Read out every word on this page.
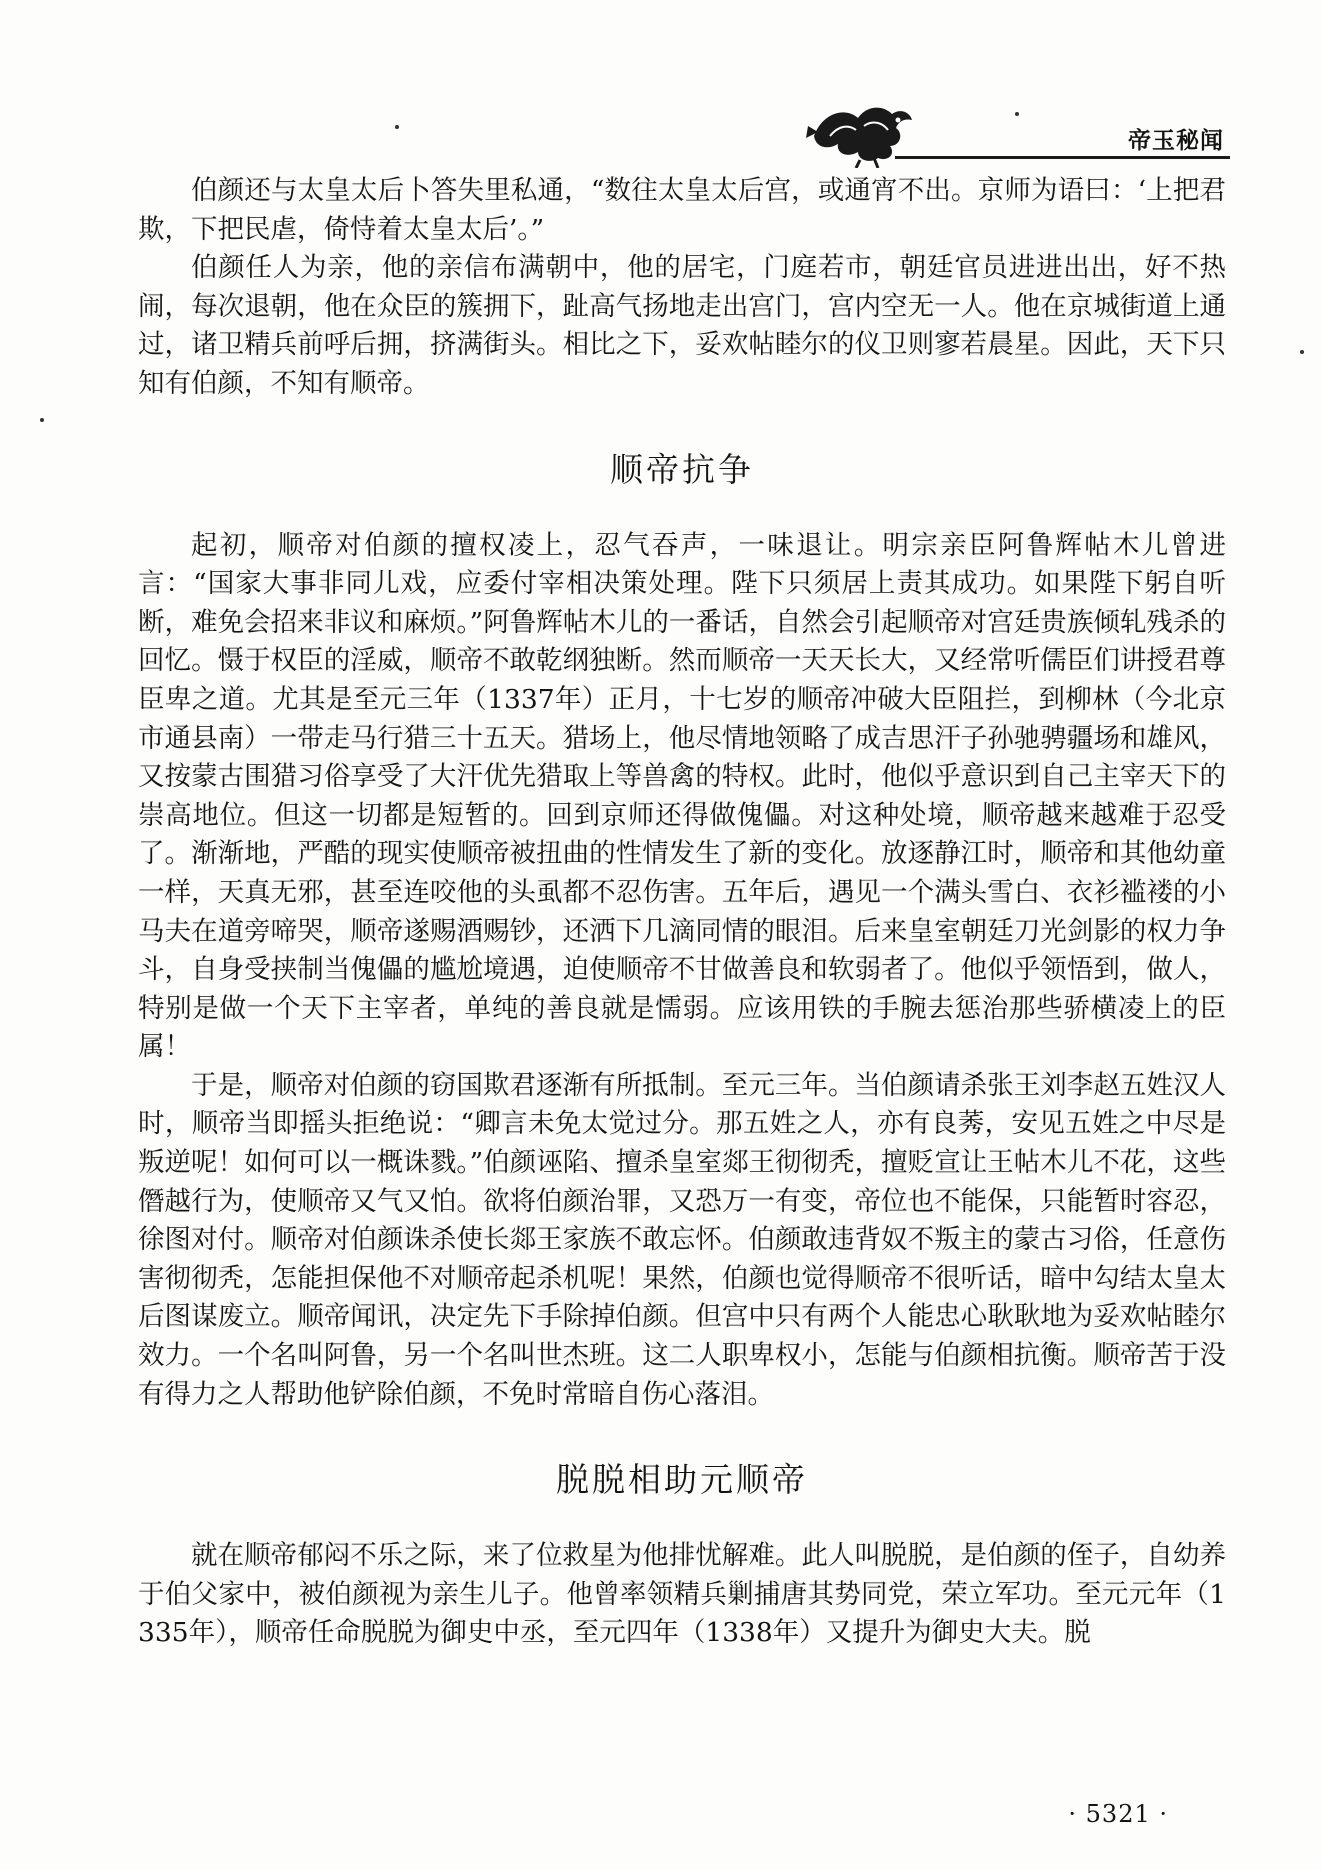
帝玉秘闻

伯颜还与太皇太后卜答失里私通，“数往太皇太后宫，或通宵不出。京师为语曰：‘上把君欺，下把民虐，倚恃着太皇太后’。”

伯颜任人为亲，他的亲信布满朝中，他的居宅，门庭若市，朝廷官员进进出出，好不热闹，每次退朝，他在众臣的簇拥下，趾高气扬地走出宫门，宫内空无一人。他在京城街道上通过，诸卫精兵前呼后拥，挤满街头。相比之下，妥欢帖睦尔的仪卫则寥若晨星。因此，天下只知有伯颜，不知有顺帝。

顺帝抗争

起初，顺帝对伯颜的擅权凌上，忍气吞声，一味退让。明宗亲臣阿鲁辉帖木儿曾进言：“国家大事非同儿戏，应委付宰相决策处理。陛下只须居上责其成功。如果陛下躬自听断，难免会招来非议和麻烦。”阿鲁辉帖木儿的一番话，自然会引起顺帝对宫廷贵族倾轧残杀的回忆。慑于权臣的淫威，顺帝不敢乾纲独断。然而顺帝一天天长大，又经常听儒臣们讲授君尊臣卑之道。尤其是至元三年（1337年）正月，十七岁的顺帝冲破大臣阻拦，到柳林（今北京市通县南）一带走马行猎三十五天。猎场上，他尽情地领略了成吉思汗子孙驰骋疆场和雄风，又按蒙古围猎习俗享受了大汗优先猎取上等兽禽的特权。此时，他似乎意识到自己主宰天下的崇高地位。但这一切都是短暂的。回到京师还得做傀儡。对这种处境，顺帝越来越难于忍受了。渐渐地，严酷的现实使顺帝被扭曲的性情发生了新的变化。放逐静江时，顺帝和其他幼童一样，天真无邪，甚至连咬他的头虱都不忍伤害。五年后，遇见一个满头雪白、衣衫褴褛的小马夫在道旁啼哭，顺帝遂赐酒赐钞，还洒下几滴同情的眼泪。后来皇室朝廷刀光剑影的权力争斗，自身受挟制当傀儡的尴尬境遇，迫使顺帝不甘做善良和软弱者了。他似乎领悟到，做人，特别是做一个天下主宰者，单纯的善良就是懦弱。应该用铁的手腕去惩治那些骄横凌上的臣属！

于是，顺帝对伯颜的窃国欺君逐渐有所抵制。至元三年。当伯颜请杀张王刘李赵五姓汉人时，顺帝当即摇头拒绝说：“卿言未免太觉过分。那五姓之人，亦有良莠，安见五姓之中尽是叛逆呢！如何可以一概诛戮。”伯颜诬陷、擅杀皇室郯王彻彻秃，擅贬宣让王帖木儿不花，这些僭越行为，使顺帝又气又怕。欲将伯颜治罪，又恐万一有变，帝位也不能保，只能暂时容忍，徐图对付。顺帝对伯颜诛杀使长郯王家族不敢忘怀。伯颜敢违背奴不叛主的蒙古习俗，任意伤害彻彻秃，怎能担保他不对顺帝起杀机呢！果然，伯颜也觉得顺帝不很听话，暗中勾结太皇太后图谋废立。顺帝闻讯，决定先下手除掉伯颜。但宫中只有两个人能忠心耿耿地为妥欢帖睦尔效力。一个名叫阿鲁，另一个名叫世杰班。这二人职卑权小，怎能与伯颜相抗衡。顺帝苦于没有得力之人帮助他铲除伯颜，不免时常暗自伤心落泪。

脱脱相助元顺帝

就在顺帝郁闷不乐之际，来了位救星为他排忧解难。此人叫脱脱，是伯颜的侄子，自幼养于伯父家中，被伯颜视为亲生儿子。他曾率领精兵剿捕唐其势同党，荣立军功。至元元年（1335年），顺帝任命脱脱为御史中丞，至元四年（1338年）又提升为御史大夫。脱

· 5321 ·
